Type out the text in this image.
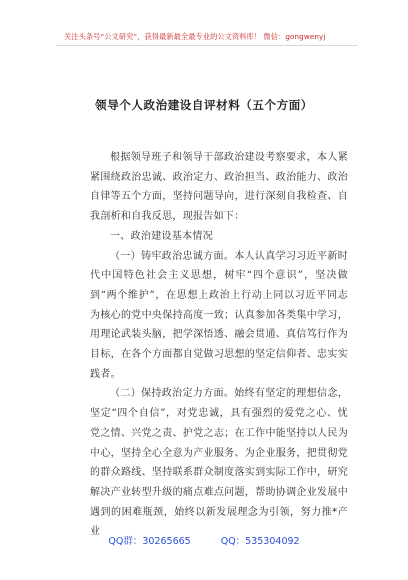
关注头条号“公文研究”，获得最新最全最专业的公文资料库！ 微信：gongwenyj
领导个人政治建设自评材料（五个方面）

根据领导班子和领导干部政治建设考察要求，本人紧紧围绕政治忠诚、政治定力、政治担当、政治能力、政治自律等五个方面，坚持问题导向，进行深刻自我检查、自我剖析和自我反思，现报告如下：

一、政治建设基本情况

（一）铸牢政治忠诚方面。本人认真学习习近平新时代中国特色社会主义思想，树牢“四个意识”，坚决做到“两个维护”，在思想上政治上行动上同以习近平同志为核心的党中央保持高度一致；认真参加各类集中学习，用理论武装头脑，把学深悟透、融会贯通、真信笃行作为目标，在各个方面都自觉做习思想的坚定信仰者、忠实实践者。

（二）保持政治定力方面。始终有坚定的理想信念，坚定“四个自信”，对党忠诚，具有强烈的爱党之心、忧党之情、兴党之责、护党之志；在工作中能坚持以人民为中心，坚持全心全意为产业服务、为企业服务，把贯彻党的群众路线、坚持联系群众制度落实到实际工作中，研究解决产业转型升级的痛点难点问题，帮助协调企业发展中遇到的困难瓶颈，始终以新发展理念为引领，努力推*产业

QQ群：30265665	QQ：535304092
